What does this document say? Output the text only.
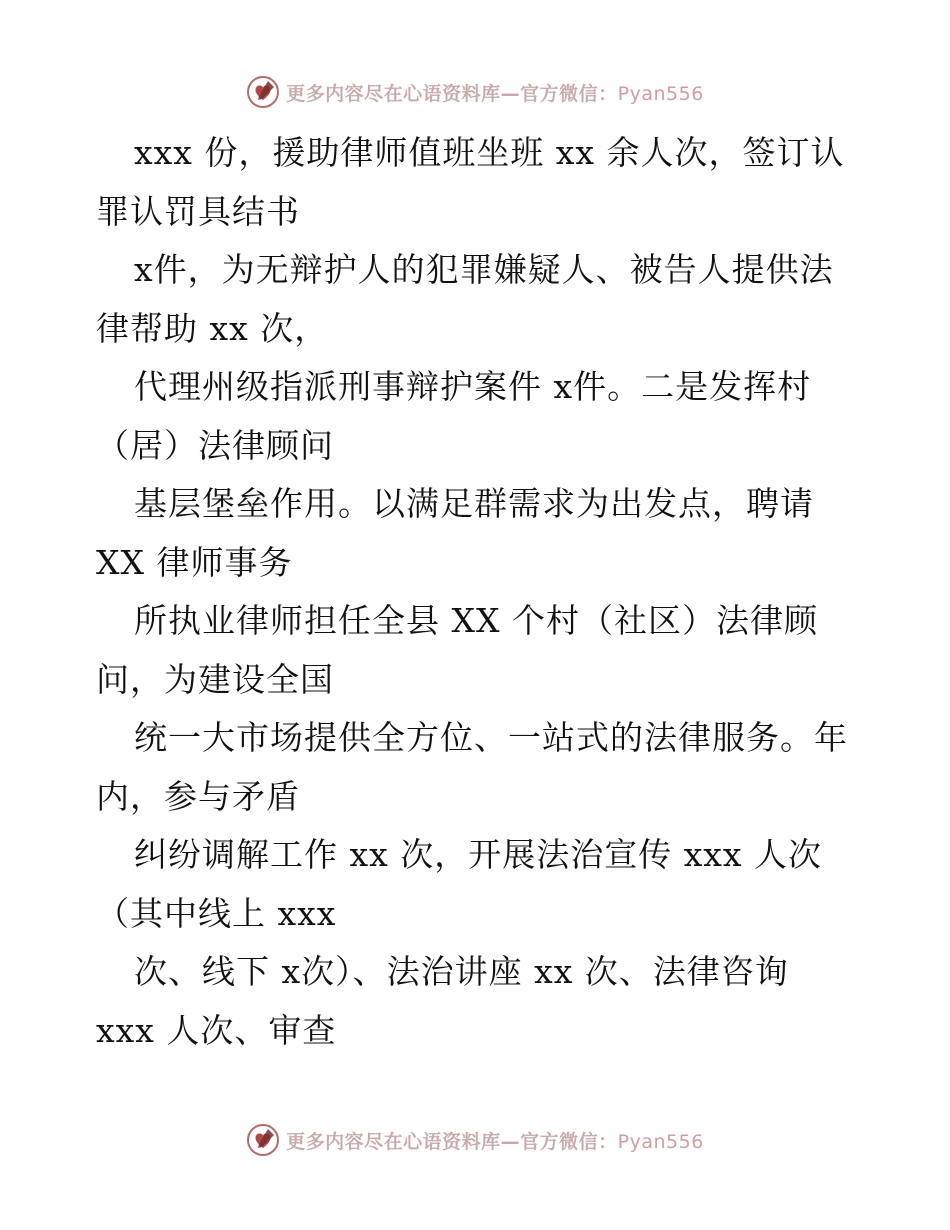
更多内容尽在心语资料库—官方微信：Pyan556
xxx 份，援助律师值班坐班 xx 余人次，签订认
罪认罚具结书
x件，为无辩护人的犯罪嫌疑人、被告人提供法
律帮助 xx 次，
代理州级指派刑事辩护案件 x件。二是发挥村
（居）法律顾问
基层堡垒作用。以满足群需求为出发点，聘请
XX 律师事务
所执业律师担任全县 XX 个村（社区）法律顾
问，为建设全国
统一大市场提供全方位、一站式的法律服务。年
内，参与矛盾
纠纷调解工作 xx 次，开展法治宣传 xxx 人次
（其中线上 xxx
次、线下 x次）、法治讲座 xx 次、法律咨询
xxx 人次、审查
更多内容尽在心语资料库—官方微信：Pyan556
